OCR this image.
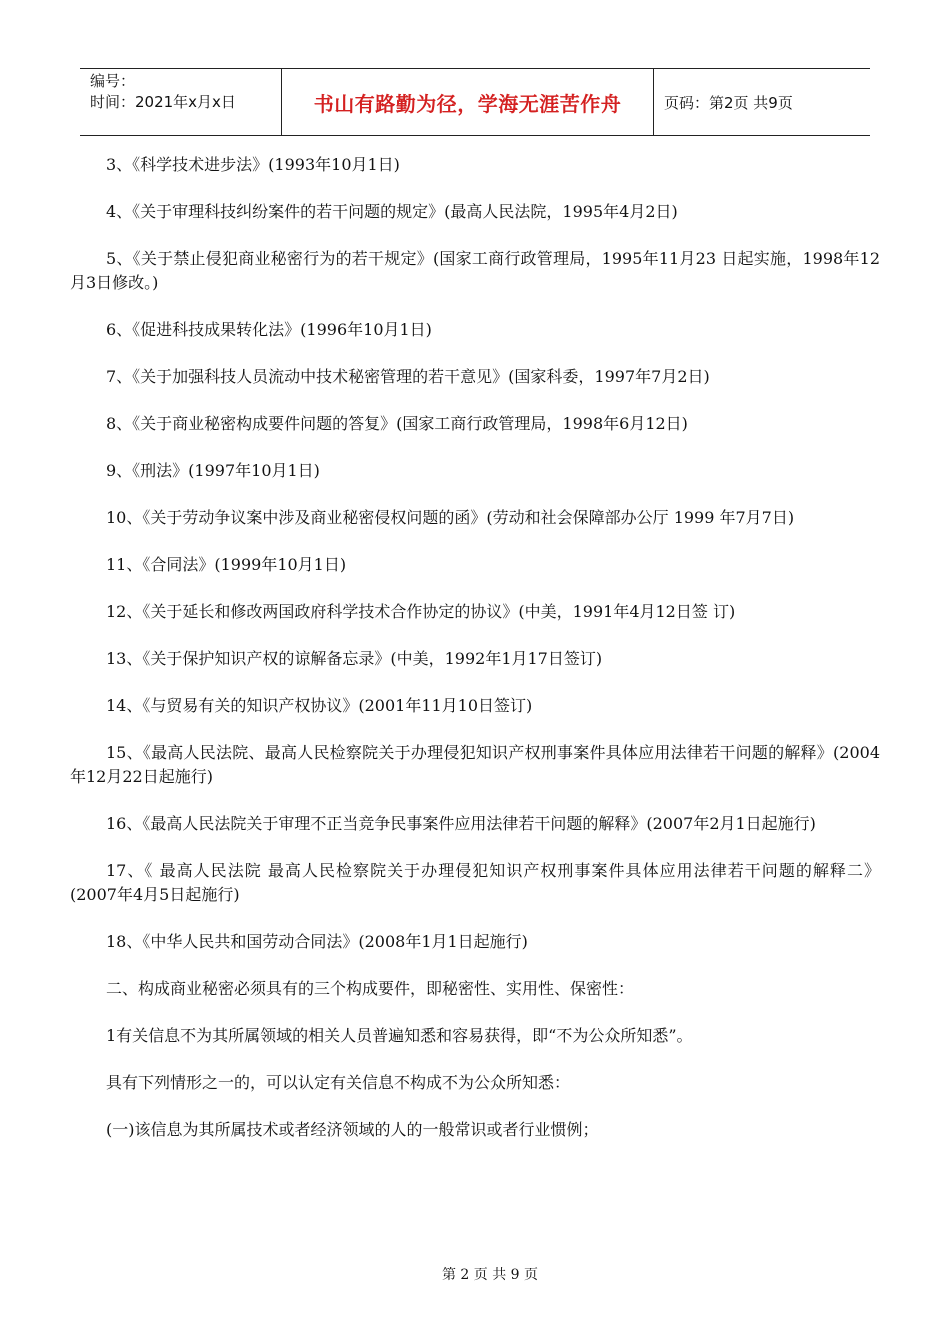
编号：
时间：2021年x月x日	书山有路勤为径，学海无涯苦作舟	页码：第2页 共9页

3、《科学技术进步法》(1993年10月1日)

4、《关于审理科技纠纷案件的若干问题的规定》(最高人民法院，1995年4月2日)

5、《关于禁止侵犯商业秘密行为的若干规定》(国家工商行政管理局，1995年11月23 日起实施，1998年12月3日修改。)

6、《促进科技成果转化法》(1996年10月1日)

7、《关于加强科技人员流动中技术秘密管理的若干意见》(国家科委，1997年7月2日)

8、《关于商业秘密构成要件问题的答复》(国家工商行政管理局，1998年6月12日)

9、《刑法》(1997年10月1日)

10、《关于劳动争议案中涉及商业秘密侵权问题的函》(劳动和社会保障部办公厅 1999 年7月7日)

11、《合同法》(1999年10月1日)

12、《关于延长和修改两国政府科学技术合作协定的协议》(中美，1991年4月12日签 订)

13、《关于保护知识产权的谅解备忘录》(中美，1992年1月17日签订)

14、《与贸易有关的知识产权协议》(2001年11月10日签订)

15、《最高人民法院、最高人民检察院关于办理侵犯知识产权刑事案件具体应用法律若干问题的解释》(2004年12月22日起施行)

16、《最高人民法院关于审理不正当竞争民事案件应用法律若干问题的解释》(2007年2月1日起施行)

17、《 最高人民法院 最高人民检察院关于办理侵犯知识产权刑事案件具体应用法律若干问题的解释二》 (2007年4月5日起施行)

18、《中华人民共和国劳动合同法》(2008年1月1日起施行)

二、构成商业秘密必须具有的三个构成要件，即秘密性、实用性、保密性：

1有关信息不为其所属领域的相关人员普遍知悉和容易获得，即“不为公众所知悉”。

具有下列情形之一的，可以认定有关信息不构成不为公众所知悉：

(一)该信息为其所属技术或者经济领域的人的一般常识或者行业惯例；

第 2 页 共 9 页
